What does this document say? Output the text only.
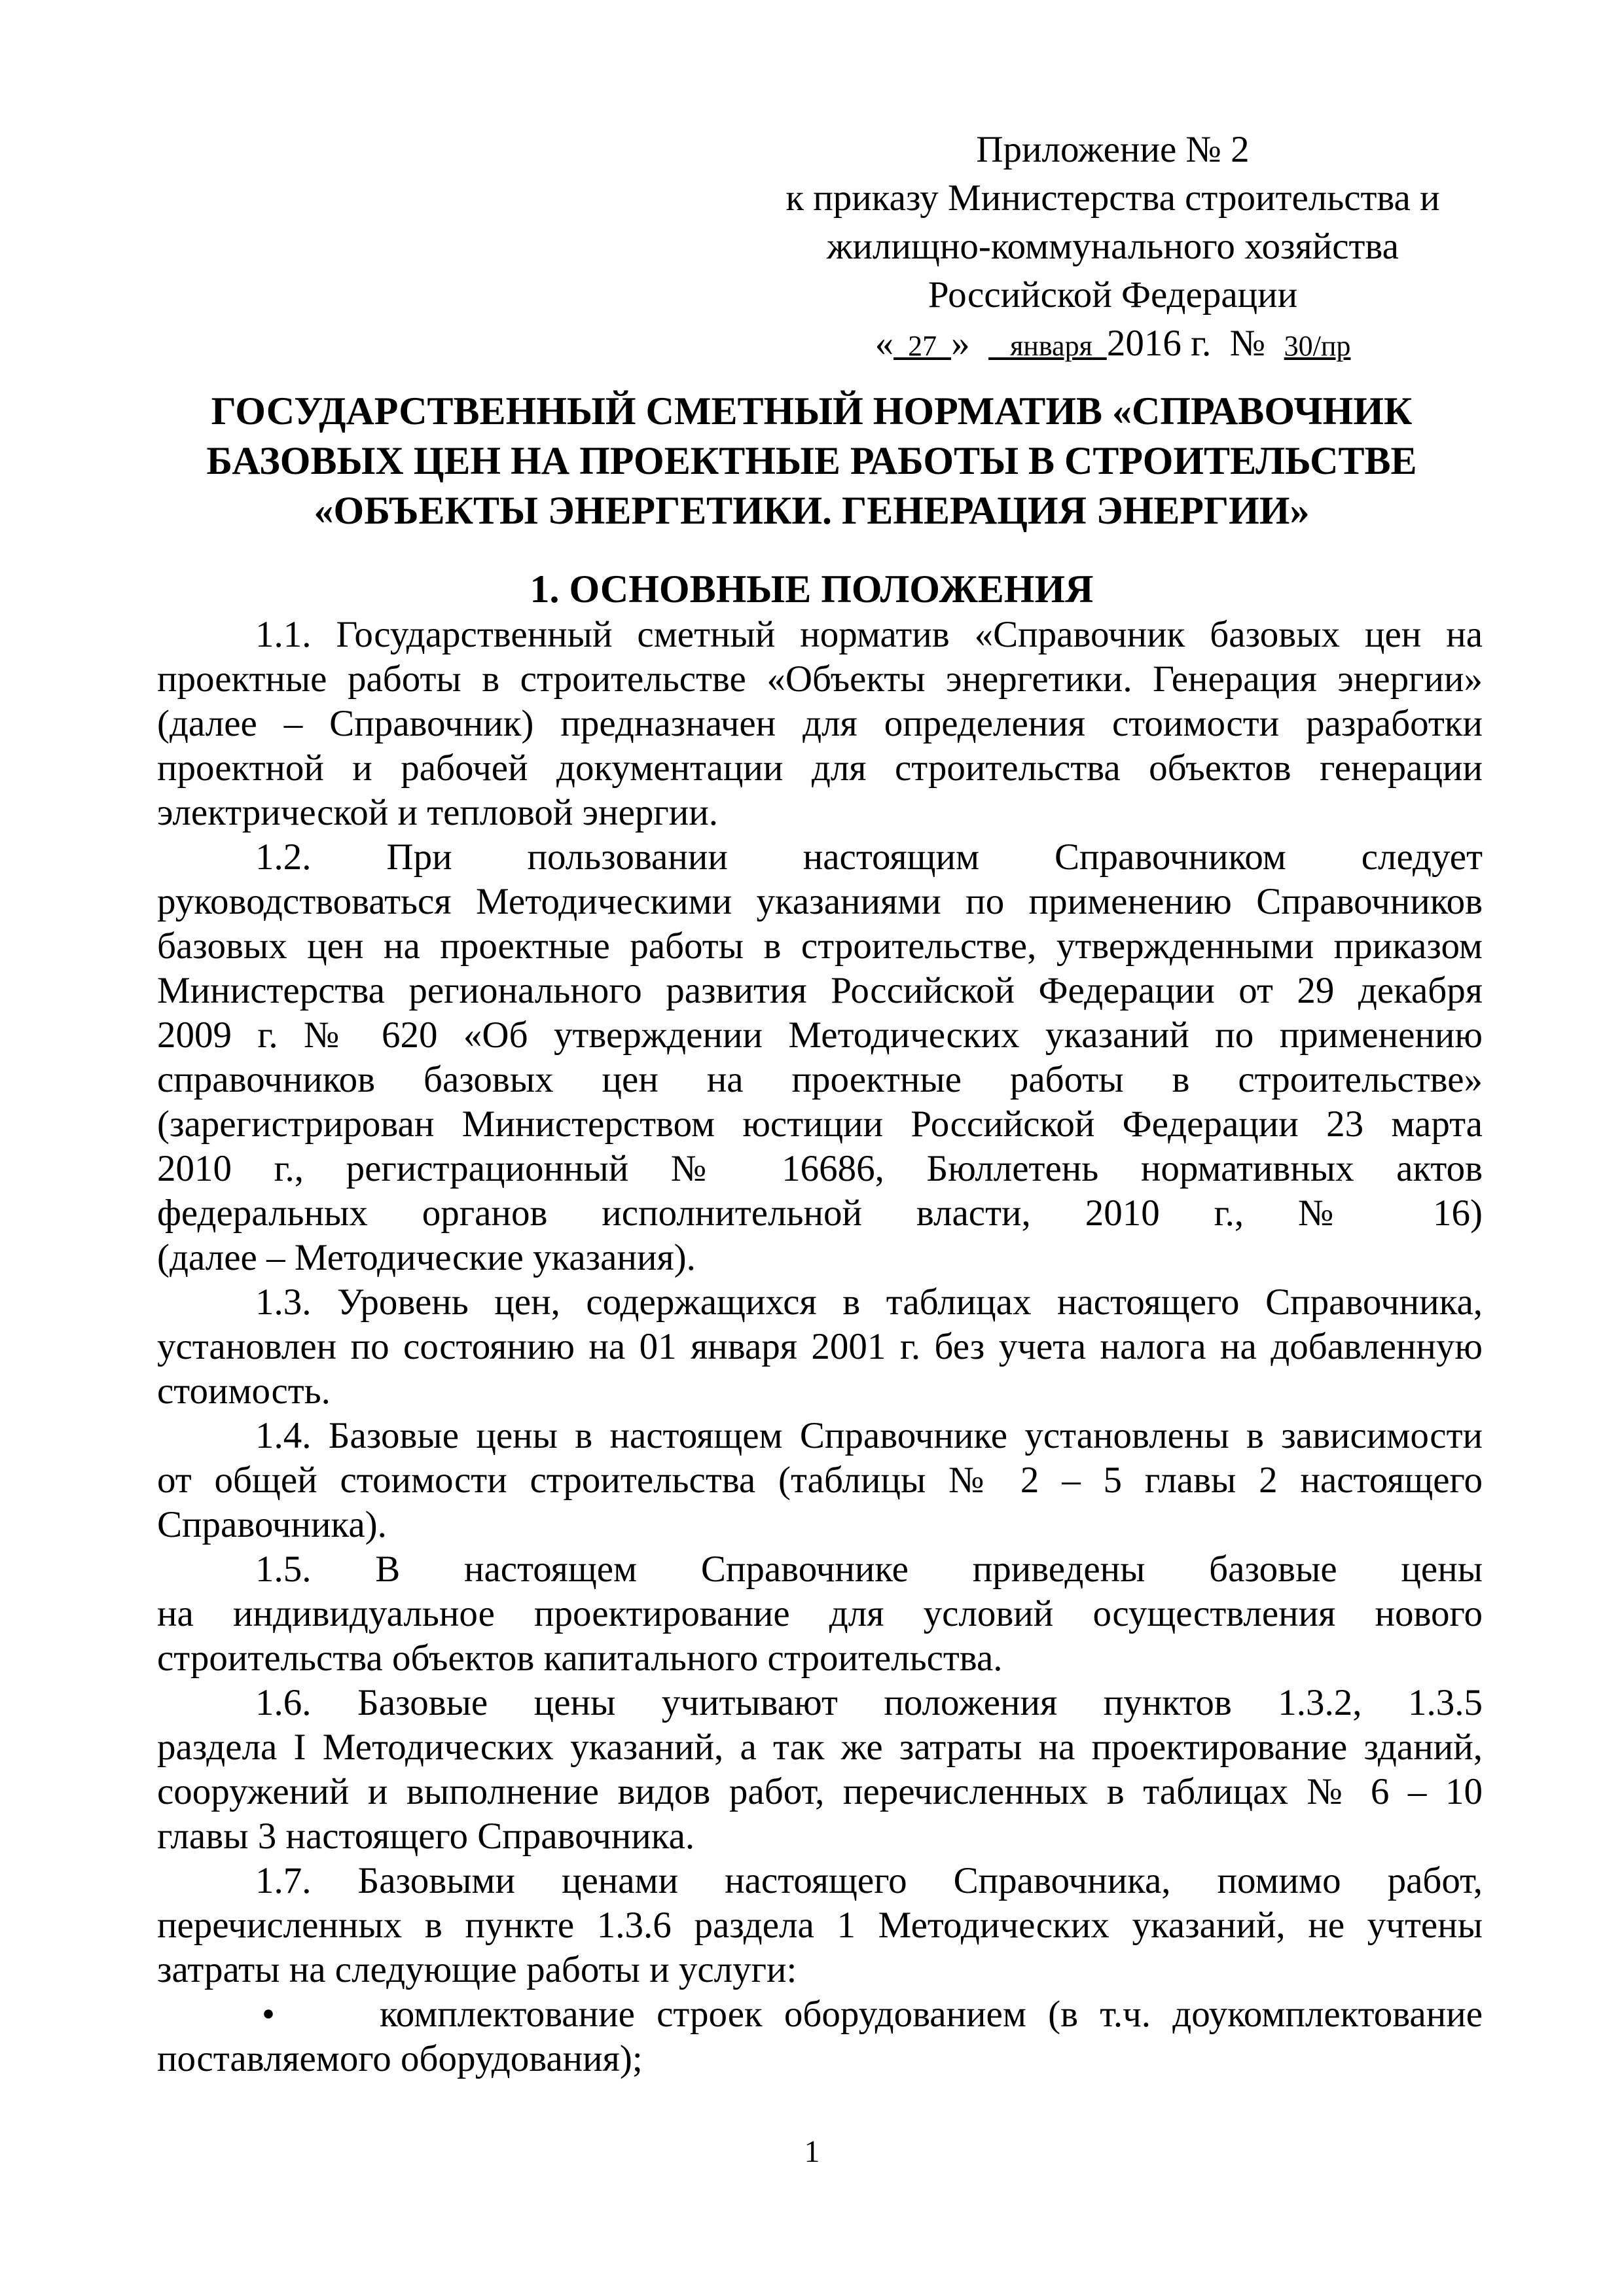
Приложение № 2
к приказу Министерства строительства и
жилищно-коммунального хозяйства
Российской Федерации
« 27 » января 2016 г. № 30/пр
ГОСУДАРСТВЕННЫЙ СМЕТНЫЙ НОРМАТИВ «СПРАВОЧНИК
БАЗОВЫХ ЦЕН НА ПРОЕКТНЫЕ РАБОТЫ В СТРОИТЕЛЬСТВЕ
«ОБЪЕКТЫ ЭНЕРГЕТИКИ. ГЕНЕРАЦИЯ ЭНЕРГИИ»
1. ОСНОВНЫЕ ПОЛОЖЕНИЯ
1.1. Государственный сметный норматив «Справочник базовых цен на
проектные работы в строительстве «Объекты энергетики. Генерация энергии»
(далее – Справочник) предназначен для определения стоимости разработки
проектной и рабочей документации для строительства объектов генерации
электрической и тепловой энергии.
1.2. При пользовании настоящим Справочником следует
руководствоваться Методическими указаниями по применению Справочников
базовых цен на проектные работы в строительстве, утвержденными приказом
Министерства регионального развития Российской Федерации от 29 декабря
2009 г. № 620 «Об утверждении Методических указаний по применению
справочников базовых цен на проектные работы в строительстве»
(зарегистрирован Министерством юстиции Российской Федерации 23 марта
2010 г., регистрационный № 16686, Бюллетень нормативных актов
федеральных органов исполнительной власти, 2010 г., № 16)
(далее – Методические указания).
1.3. Уровень цен, содержащихся в таблицах настоящего Справочника,
установлен по состоянию на 01 января 2001 г. без учета налога на добавленную
стоимость.
1.4. Базовые цены в настоящем Справочнике установлены в зависимости
от общей стоимости строительства (таблицы № 2 – 5 главы 2 настоящего
Справочника).
1.5. В настоящем Справочнике приведены базовые цены
на индивидуальное проектирование для условий осуществления нового
строительства объектов капитального строительства.
1.6. Базовые цены учитывают положения пунктов 1.3.2, 1.3.5
раздела I Методических указаний, а так же затраты на проектирование зданий,
сооружений и выполнение видов работ, перечисленных в таблицах № 6 – 10
главы 3 настоящего Справочника.
1.7. Базовыми ценами настоящего Справочника, помимо работ,
перечисленных в пункте 1.3.6 раздела 1 Методических указаний, не учтены
затраты на следующие работы и услуги:
•	комплектование строек оборудованием (в т.ч. доукомплектование
поставляемого оборудования);
1
